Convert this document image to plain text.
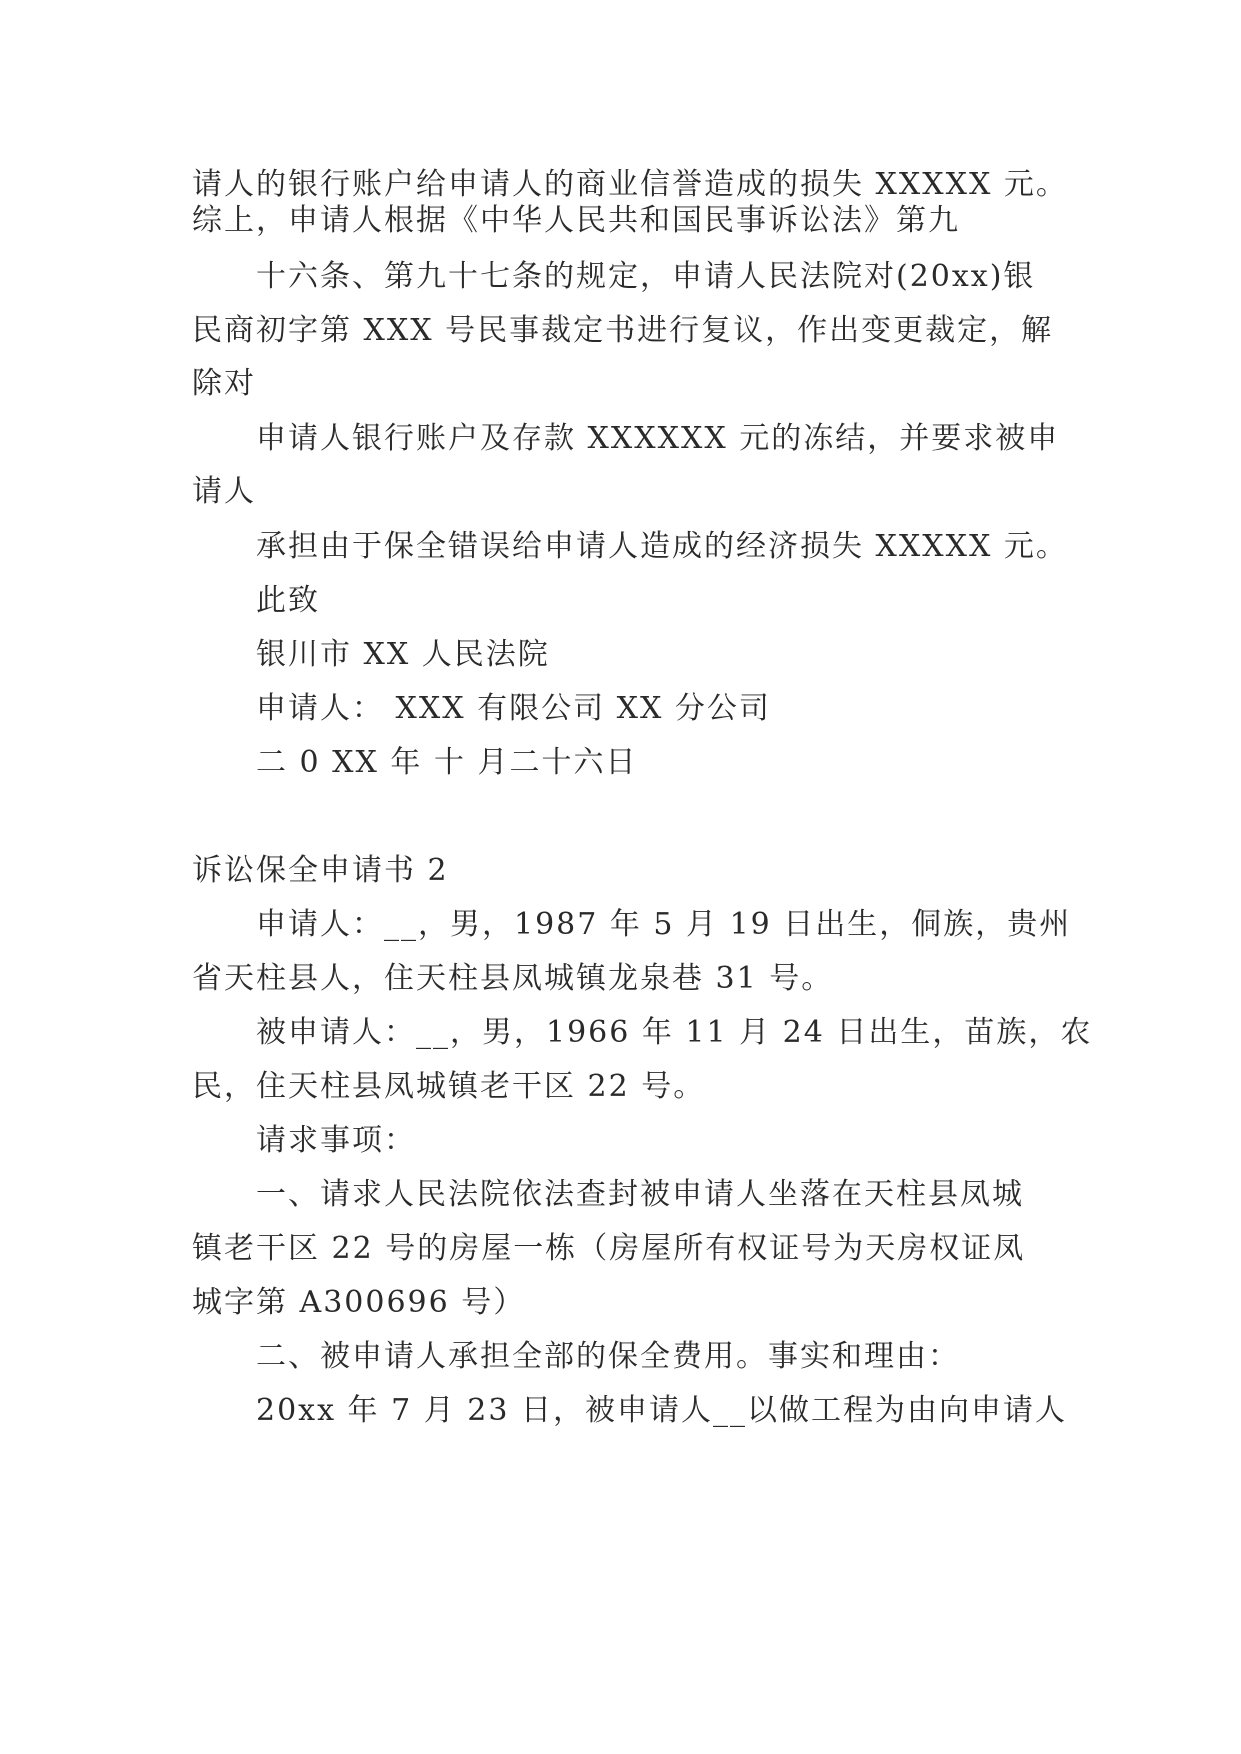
请人的银行账户给申请人的商业信誉造成的损失 XXXXX 元。
综上，申请人根据《中华人民共和国民事诉讼法》第九
十六条、第九十七条的规定，申请人民法院对(20xx)银
民商初字第 XXX 号民事裁定书进行复议，作出变更裁定，解
除对
申请人银行账户及存款 XXXXXX 元的冻结，并要求被申
请人
承担由于保全错误给申请人造成的经济损失 XXXXX 元。
此致
银川市 XX 人民法院
申请人： XXX 有限公司 XX 分公司
二 0 XX 年 十 月二十六日
诉讼保全申请书 2
申请人：__，男，1987 年 5 月 19 日出生，侗族，贵州
省天柱县人，住天柱县凤城镇龙泉巷 31 号。
被申请人：__，男，1966 年 11 月 24 日出生，苗族，农
民，住天柱县凤城镇老干区 22 号。
请求事项：
一、请求人民法院依法查封被申请人坐落在天柱县凤城
镇老干区 22 号的房屋一栋（房屋所有权证号为天房权证凤
城字第 A300696 号）
二、被申请人承担全部的保全费用。事实和理由：
20xx 年 7 月 23 日，被申请人__以做工程为由向申请人
